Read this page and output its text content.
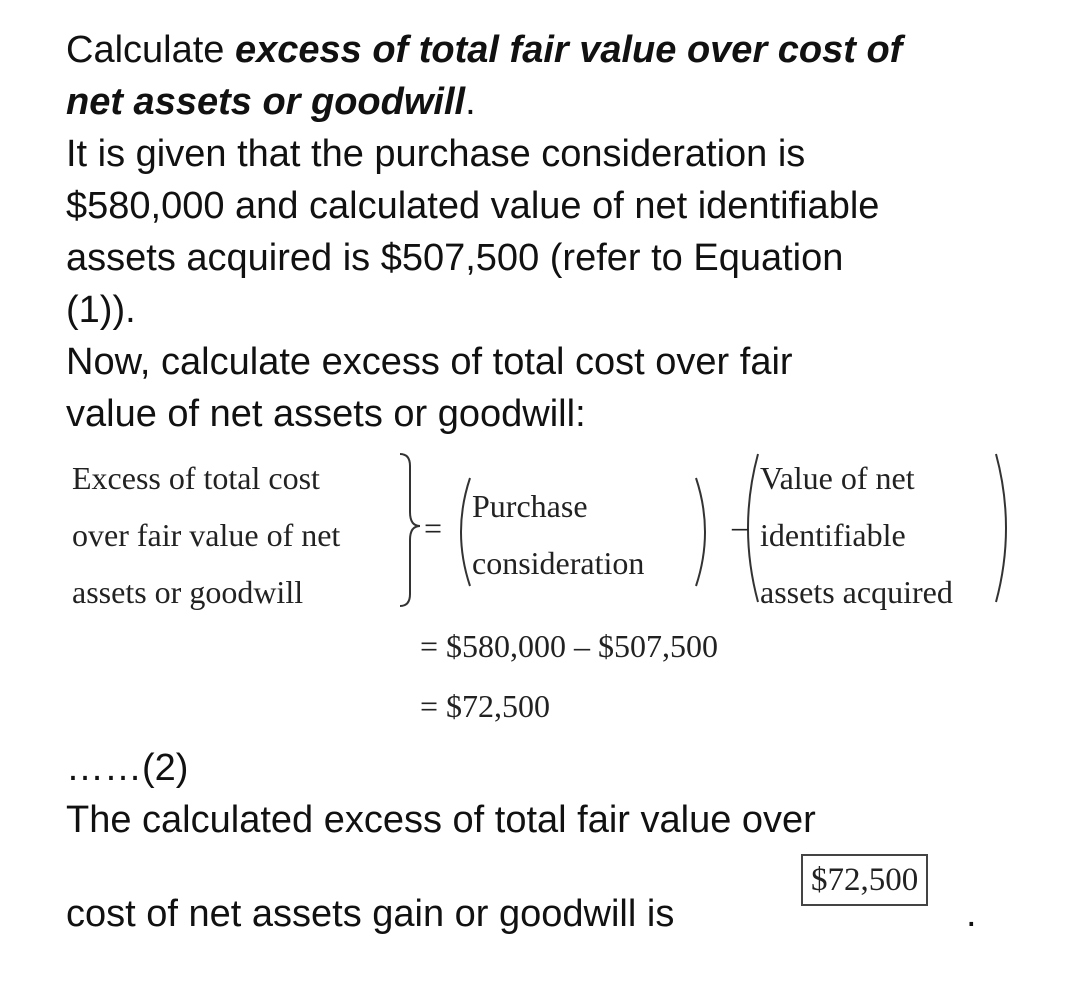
Calculate excess of total fair value over cost of
net assets or goodwill.
It is given that the purchase consideration is
$580,000 and calculated value of net identifiable
assets acquired is $507,500 (refer to Equation
(1)).
Now, calculate excess of total cost over fair
value of net assets or goodwill:
Excess of total cost
over fair value of net
assets or goodwill
=	–
Purchase
consideration
Value of net
identifiable
assets acquired
= $580,000 – $507,500
= $72,500
……(2)
The calculated excess of total fair value over
cost of net assets gain or goodwill is
$72,500
.
